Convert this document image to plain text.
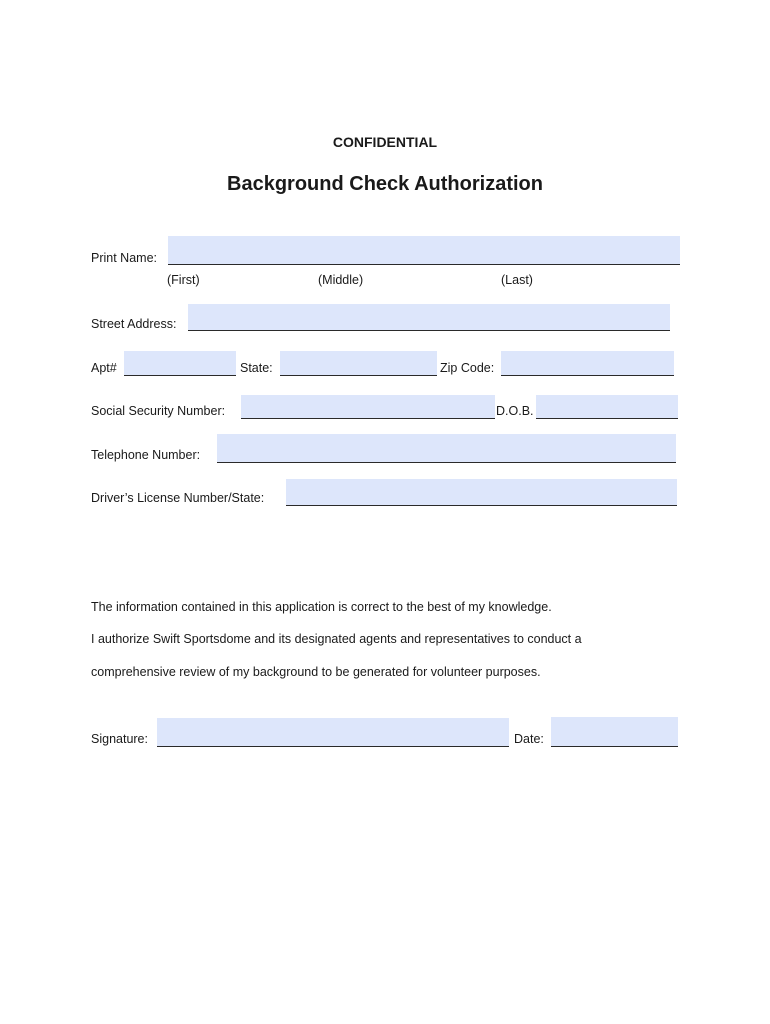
CONFIDENTIAL
Background Check Authorization
Print Name:
(First)	(Middle)	(Last)
Street Address:
Apt#	State:	Zip Code:
Social Security Number:	D.O.B.
Telephone Number:
Driver’s License Number/State:
The information contained in this application is correct to the best of my knowledge.
I authorize Swift Sportsdome and its designated agents and representatives to conduct a
comprehensive review of my background to be generated for volunteer purposes.
Signature:	Date:
